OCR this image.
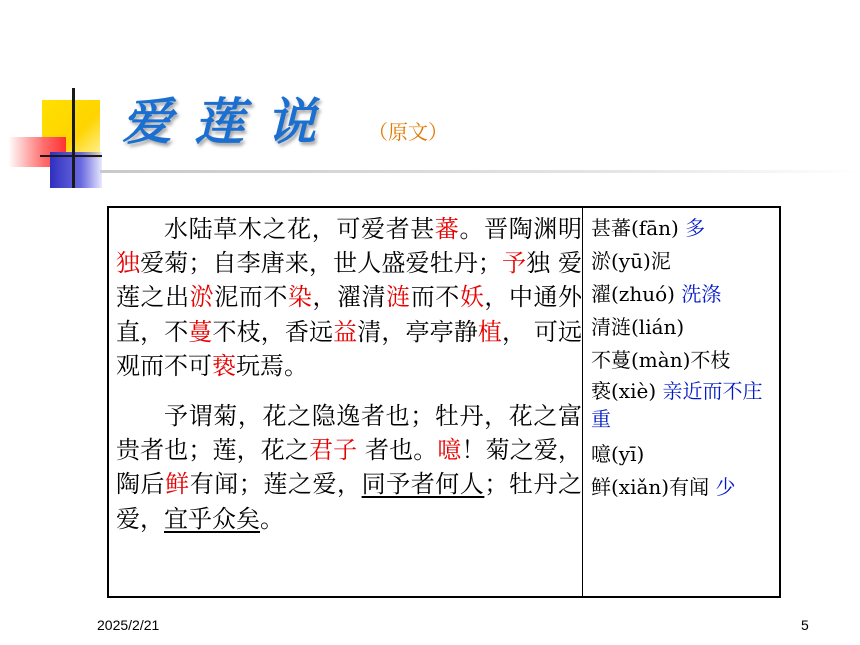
爱莲说 （原文）

水陆草木之花，可爱者甚蕃。晋陶渊明独爱菊；自李唐来，世人盛爱牡丹；予独 爱莲之出淤泥而不染，濯清涟而不妖，中通外直，不蔓不枝，香远益清，亭亭静植， 可远观而不可亵玩焉。

予谓菊，花之隐逸者也；牡丹，花之富贵者也；莲，花之君子 者也。噫！菊之爱，陶后鲜有闻；莲之爱，同予者何人；牡丹之爱，宜乎众矣。

甚蕃(fān) 多
淤(yū)泥
濯(zhuó) 洗涤
清涟(lián)
不蔓(màn)不枝
亵(xiè) 亲近而不庄重
噫(yī)
鲜(xiǎn)有闻 少
2025/2/21	5
